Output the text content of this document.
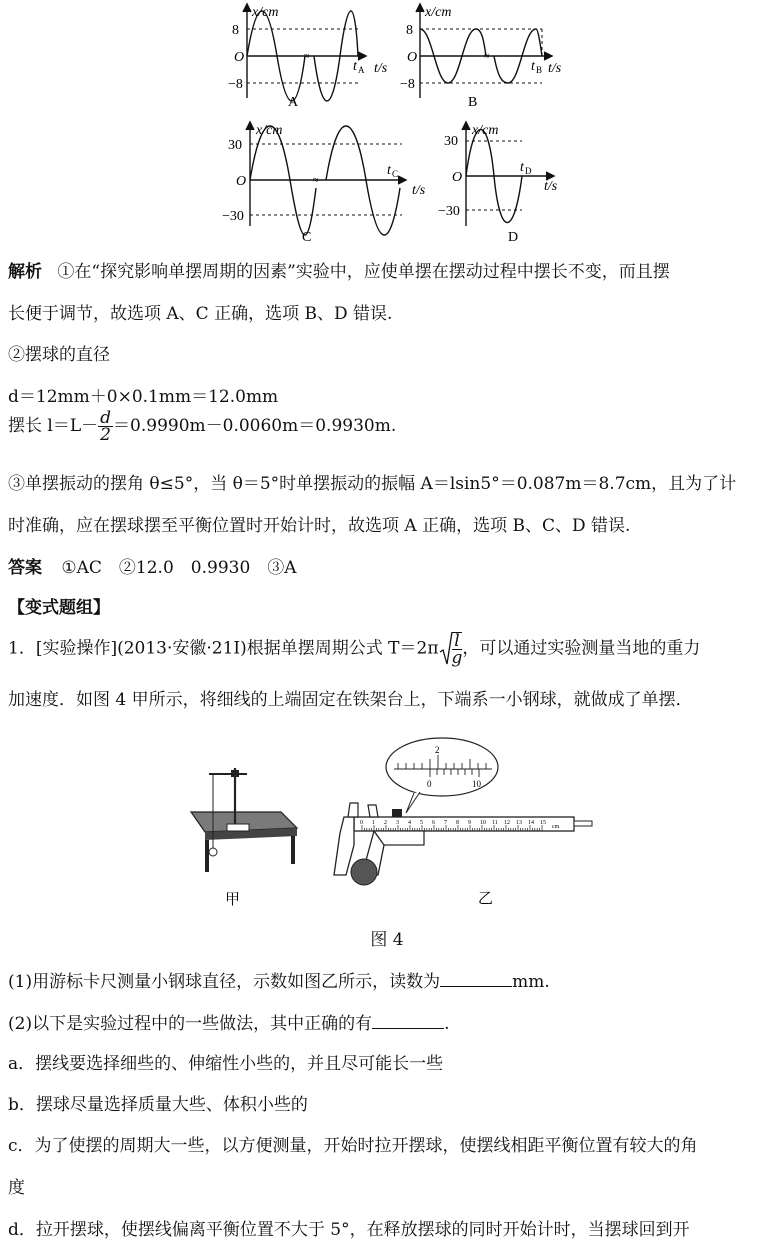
x/cm
8
O
−8
≈
t A t/s
A
x/cm
8
O
−8
≈
t B t/s
B
x/cm
30
O
−30
≈
t C
t/s
C
x/cm
30
O
−30
t D
t/s
D
解析 ①在“探究影响单摆周期的因素”实验中，应使单摆在摆动过程中摆长不变，而且摆
长便于调节，故选项 A、C 正确，选项 B、D 错误.
②摆球的直径
d＝12mm＋0×0.1mm＝12.0mm
摆长 $l=L- \frac{d}{2} =0.9990m-0.0060m=0.9930m$.
③单摆振动的摆角 θ≤5°，当 θ＝5°时单摆振动的振幅 A＝lsin5°＝0.087m＝8.7cm，且为了计
时准确，应在摆球摆至平衡位置时开始计时，故选项 A 正确，选项 B、C、D 错误.
答案 ①AC　②12.0　0.9930　③A
【变式题组】
1．[实验操作](2013·安徽·21Ⅰ)根据单摆周期公式 $T=2\pi \frac{l}{g}$ ，可以通过实验测量当地的重力
加速度．如图 4 甲所示，将细线的上端固定在铁架台上，下端系一小钢球，就做成了单摆．
甲
2
0	10
0 1 2 3 4 5 6 7 8 9 10 11 12 13 14 15
cm
乙
图 4
(1)用游标卡尺测量小钢球直径，示数如图乙所示，读数为	mm.
(2)以下是实验过程中的一些做法，其中正确的有	.
a．摆线要选择细些的、伸缩性小些的，并且尽可能长一些
b．摆球尽量选择质量大些、体积小些的
c．为了使摆的周期大一些，以方便测量，开始时拉开摆球，使摆线相距平衡位置有较大的角
度
d．拉开摆球，使摆线偏离平衡位置不大于 5°，在释放摆球的同时开始计时，当摆球回到开
